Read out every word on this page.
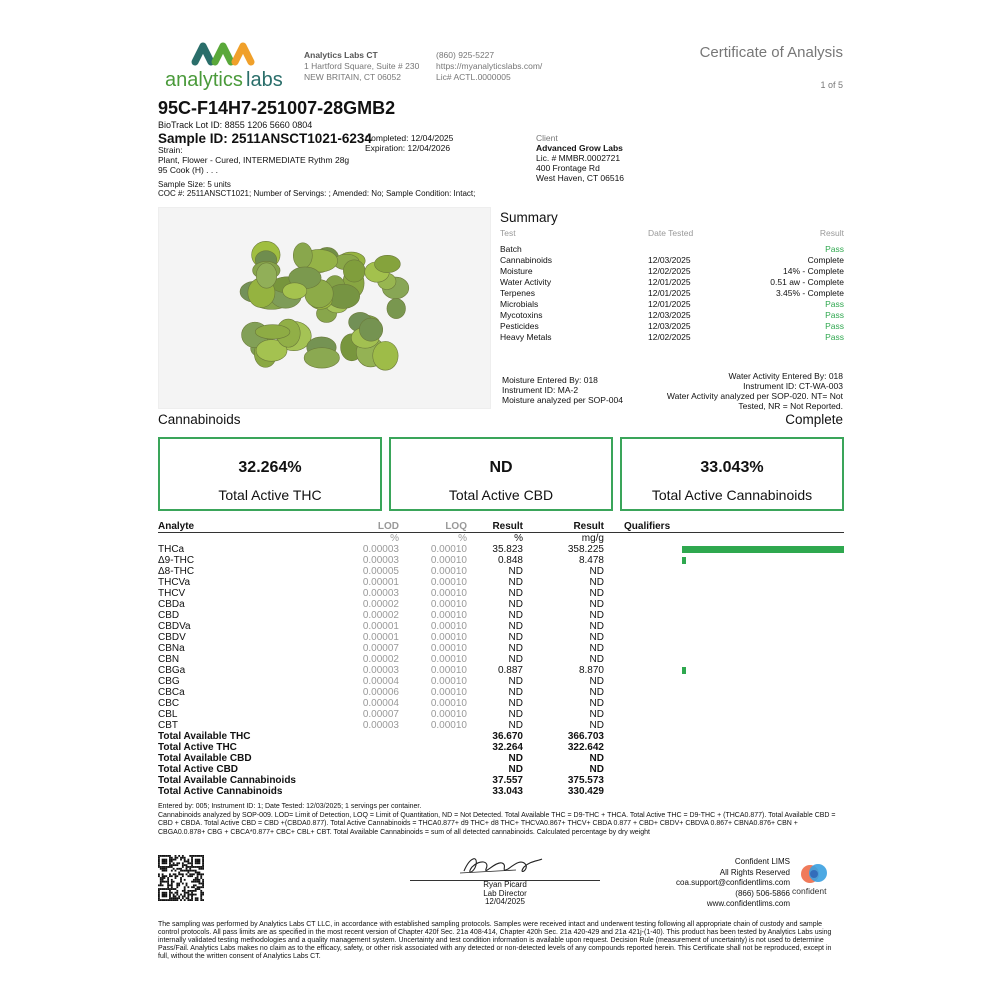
analytics labs
Analytics Labs CT
1 Hartford Square, Suite # 230
NEW BRITAIN, CT 06052
(860) 925-5227
https://myanalyticslabs.com/
Lic# ACTL.0000005
Certificate of Analysis
1 of 5
95C-F14H7-251007-28GMB2
BioTrack Lot ID: 8855 1206 5660 0804
Sample ID: 2511ANSCT1021-6234
Completed: 12/04/2025
Expiration: 12/04/2026
Strain:
Plant, Flower - Cured, INTERMEDIATE Rythm 28g
95 Cook (H) . . .
Client
Advanced Grow Labs
Lic. # MMBR.0002721
400 Frontage Rd
West Haven, CT 06516
Sample Size: 5 units
COC #: 2511ANSCT1021; Number of Servings: ; Amended: No; Sample Condition: Intact;
Summary
Test	Date Tested	Result
Batch	Pass
Cannabinoids	12/03/2025	Complete
Moisture	12/02/2025	14% - Complete
Water Activity	12/01/2025	0.51 aw - Complete
Terpenes	12/01/2025	3.45% - Complete
Microbials	12/01/2025	Pass
Mycotoxins	12/03/2025	Pass
Pesticides	12/03/2025	Pass
Heavy Metals	12/02/2025	Pass
Moisture Entered By: 018
Instrument ID: MA-2
Moisture analyzed per SOP-004
Water Activity Entered By: 018
Instrument ID: CT-WA-003
Water Activity analyzed per SOP-020. NT= Not
Tested, NR = Not Reported.
Cannabinoids	Complete
32.264%
Total Active THC
ND
Total Active CBD
33.043%
Total Active Cannabinoids
Analyte	LOD	LOQ	Result	Result Qualifiers
%	%	%	mg/g
THCa	0.00003	0.00010	35.823	358.225
Δ9-THC	0.00003	0.00010	0.848	8.478
Δ8-THC	0.00005	0.00010	ND	ND
THCVa	0.00001	0.00010	ND	ND
THCV	0.00003	0.00010	ND	ND
CBDa	0.00002	0.00010	ND	ND
CBD	0.00002	0.00010	ND	ND
CBDVa	0.00001	0.00010	ND	ND
CBDV	0.00001	0.00010	ND	ND
CBNa	0.00007	0.00010	ND	ND
CBN	0.00002	0.00010	ND	ND
CBGa	0.00003	0.00010	0.887	8.870
CBG	0.00004	0.00010	ND	ND
CBCa	0.00006	0.00010	ND	ND
CBC	0.00004	0.00010	ND	ND
CBL	0.00007	0.00010	ND	ND
CBT	0.00003	0.00010	ND	ND
Total Available THC	36.670	366.703
Total Active THC	32.264	322.642
Total Available CBD	ND	ND
Total Active CBD	ND	ND
Total Available Cannabinoids	37.557	375.573
Total Active Cannabinoids	33.043	330.429
Entered by: 005; Instrument ID: 1; Date Tested: 12/03/2025; 1 servings per container.
Cannabinoids analyzed by SOP-009. LOD= Limit of Detection, LOQ = Limit of Quantitation, ND = Not Detected. Total Available THC = D9-THC + THCA. Total Active THC = D9-THC + (THCA0.877). Total Available CBD = CBD + CBDA. Total Active CBD = CBD +(CBDA0.877). Total Active Cannabinoids = THCA0.877+ d9 THC+ d8 THC+ THCVA0.867+ THCV+ CBDA 0.877 + CBD+ CBDV+ CBDVA 0.867+ CBNA0.876+ CBN + CBGA0.0.878+ CBG + CBCA*0.877+ CBC+ CBL+ CBT. Total Available Cannabinoids = sum of all detected cannabinoids. Calculated percentage by dry weight
Ryan Picard
Lab Director
12/04/2025
Confident LIMS
All Rights Reserved
coa.support@confidentlims.com
(866) 506-5866
www.confidentlims.com
confident
The sampling was performed by Analytics Labs CT LLC, in accordance with established sampling protocols. Samples were received intact and underwent testing following all appropriate chain of custody and sample control protocols. All pass limits are as specified in the most recent version of Chapter 420f Sec. 21a 408-414, Chapter 420h Sec. 21a 420-429 and 21a 421j-(1-40). This product has been tested by Analytics Labs using internally validated testing methodologies and a quality management system. Uncertainty and test condition information is available upon request. Decision Rule (measurement of uncertainty) is not used to determine Pass/Fail. Analytics Labs makes no claim as to the efficacy, safety, or other risk associated with any detected or non-detected levels of any compounds reported herein. This Certificate shall not be reproduced, except in full, without the written consent of Analytics Labs CT.
